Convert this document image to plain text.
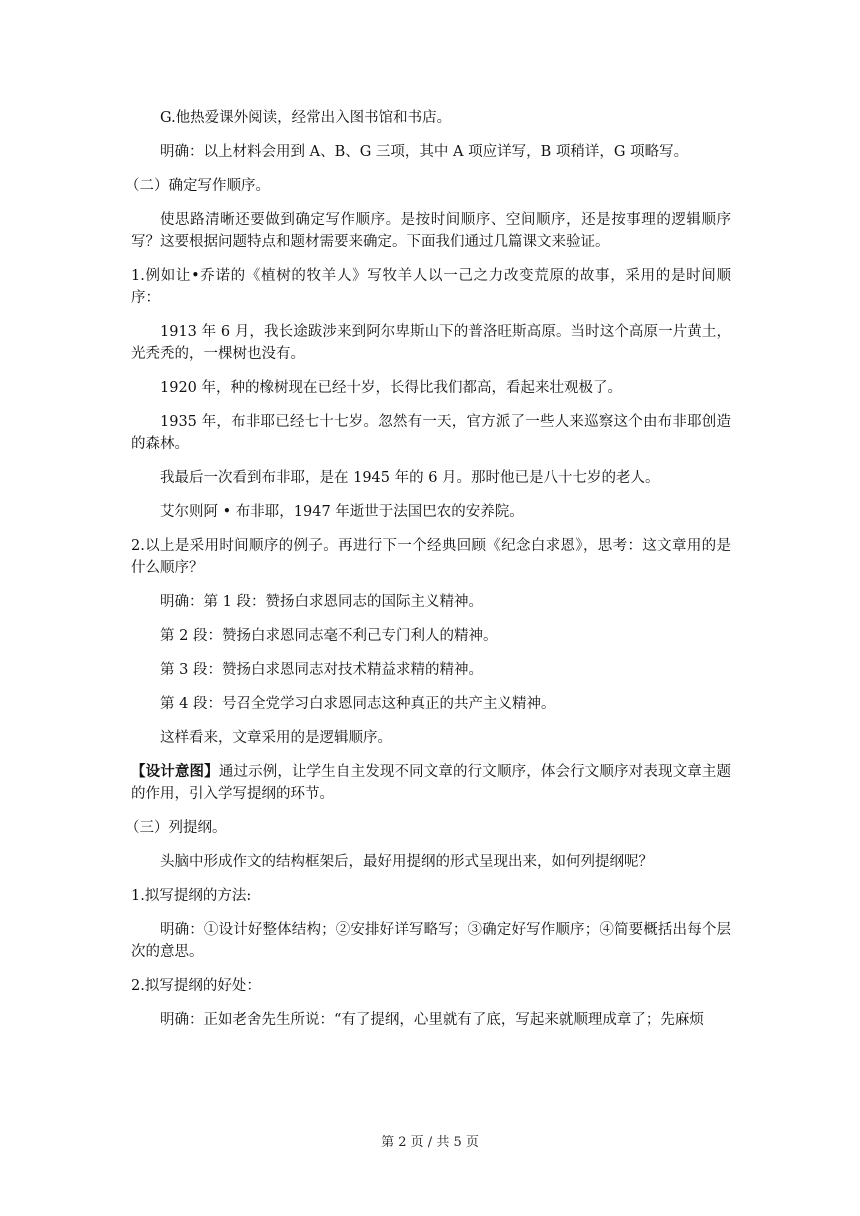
G.他热爱课外阅读，经常出入图书馆和书店。

明确：以上材料会用到 A、B、G 三项，其中 A 项应详写，B 项稍详，G 项略写。

（二）确定写作顺序。

使思路清晰还要做到确定写作顺序。是按时间顺序、空间顺序，还是按事理的逻辑顺序写？这要根据问题特点和题材需要来确定。下面我们通过几篇课文来验证。

1.例如让•乔诺的《植树的牧羊人》写牧羊人以一己之力改变荒原的故事，采用的是时间顺序：

1913 年 6 月，我长途跋涉来到阿尔卑斯山下的普洛旺斯高原。当时这个高原一片黄土，光秃秃的，一棵树也没有。

1920 年，种的橡树现在已经十岁，长得比我们都高，看起来壮观极了。

1935 年，布非耶已经七十七岁。忽然有一天，官方派了一些人来巡察这个由布非耶创造的森林。

我最后一次看到布非耶，是在 1945 年的 6 月。那时他已是八十七岁的老人。

艾尔则阿 • 布非耶，1947 年逝世于法国巴农的安养院。

2.以上是采用时间顺序的例子。再进行下一个经典回顾《纪念白求恩》，思考：这文章用的是什么顺序？

明确：第 1 段：赞扬白求恩同志的国际主义精神。

第 2 段：赞扬白求恩同志毫不利己专门利人的精神。

第 3 段：赞扬白求恩同志对技术精益求精的精神。

第 4 段：号召全党学习白求恩同志这种真正的共产主义精神。

这样看来，文章采用的是逻辑顺序。

【设计意图】通过示例，让学生自主发现不同文章的行文顺序，体会行文顺序对表现文章主题的作用，引入学写提纲的环节。

（三）列提纲。

头脑中形成作文的结构框架后，最好用提纲的形式呈现出来，如何列提纲呢？

1.拟写提纲的方法:

明确：①设计好整体结构；②安排好详写略写；③确定好写作顺序；④简要概括出每个层次的意思。

2.拟写提纲的好处：

明确：正如老舍先生所说：“有了提纲，心里就有了底，写起来就顺理成章了；先麻烦

第 2 页 / 共 5 页
